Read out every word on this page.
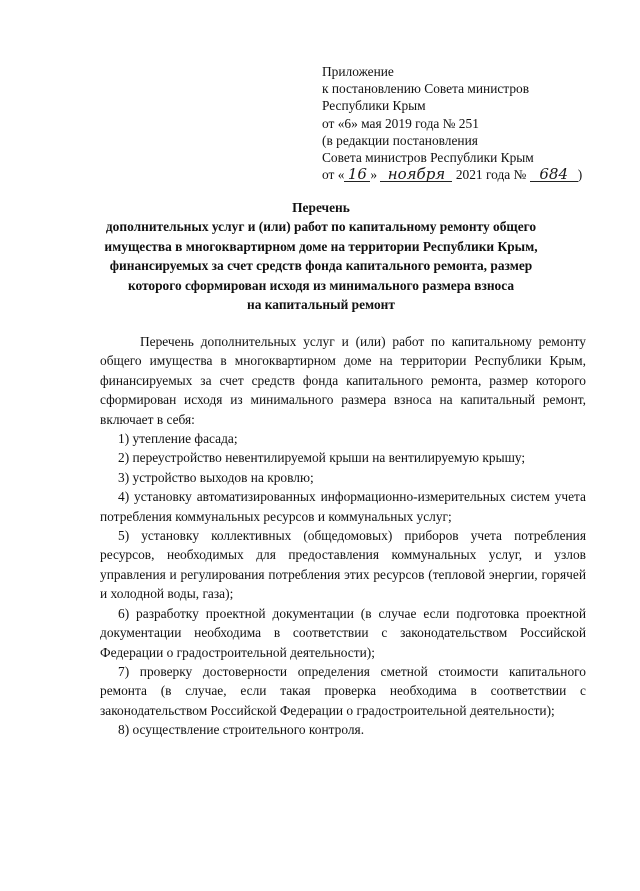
Приложение
к постановлению Совета министров
Республики Крым
от «6» мая 2019 года № 251
(в редакции постановления
Совета министров Республики Крым
от « 16 » ноября 2021 года № 684 )
Перечень
дополнительных услуг и (или) работ по капитальному ремонту общего
имущества в многоквартирном доме на территории Республики Крым,
финансируемых за счет средств фонда капитального ремонта, размер
которого сформирован исходя из минимального размера взноса
на капитальный ремонт

Перечень дополнительных услуг и (или) работ по капитальному ремонту общего имущества в многоквартирном доме на территории Республики Крым, финансируемых за счет средств фонда капитального ремонта, размер которого сформирован исходя из минимального размера взноса на капитальный ремонт, включает в себя:

1) утепление фасада;

2) переустройство невентилируемой крыши на вентилируемую крышу;

3) устройство выходов на кровлю;

4) установку автоматизированных информационно-измерительных систем учета потребления коммунальных ресурсов и коммунальных услуг;

5) установку коллективных (общедомовых) приборов учета потребления ресурсов, необходимых для предоставления коммунальных услуг, и узлов управления и регулирования потребления этих ресурсов (тепловой энергии, горячей и холодной воды, газа);

6) разработку проектной документации (в случае если подготовка проектной документации необходима в соответствии с законодательством Российской Федерации о градостроительной деятельности);

7) проверку достоверности определения сметной стоимости капитального ремонта (в случае, если такая проверка необходима в соответствии с законодательством Российской Федерации о градостроительной деятельности);

8) осуществление строительного контроля.
